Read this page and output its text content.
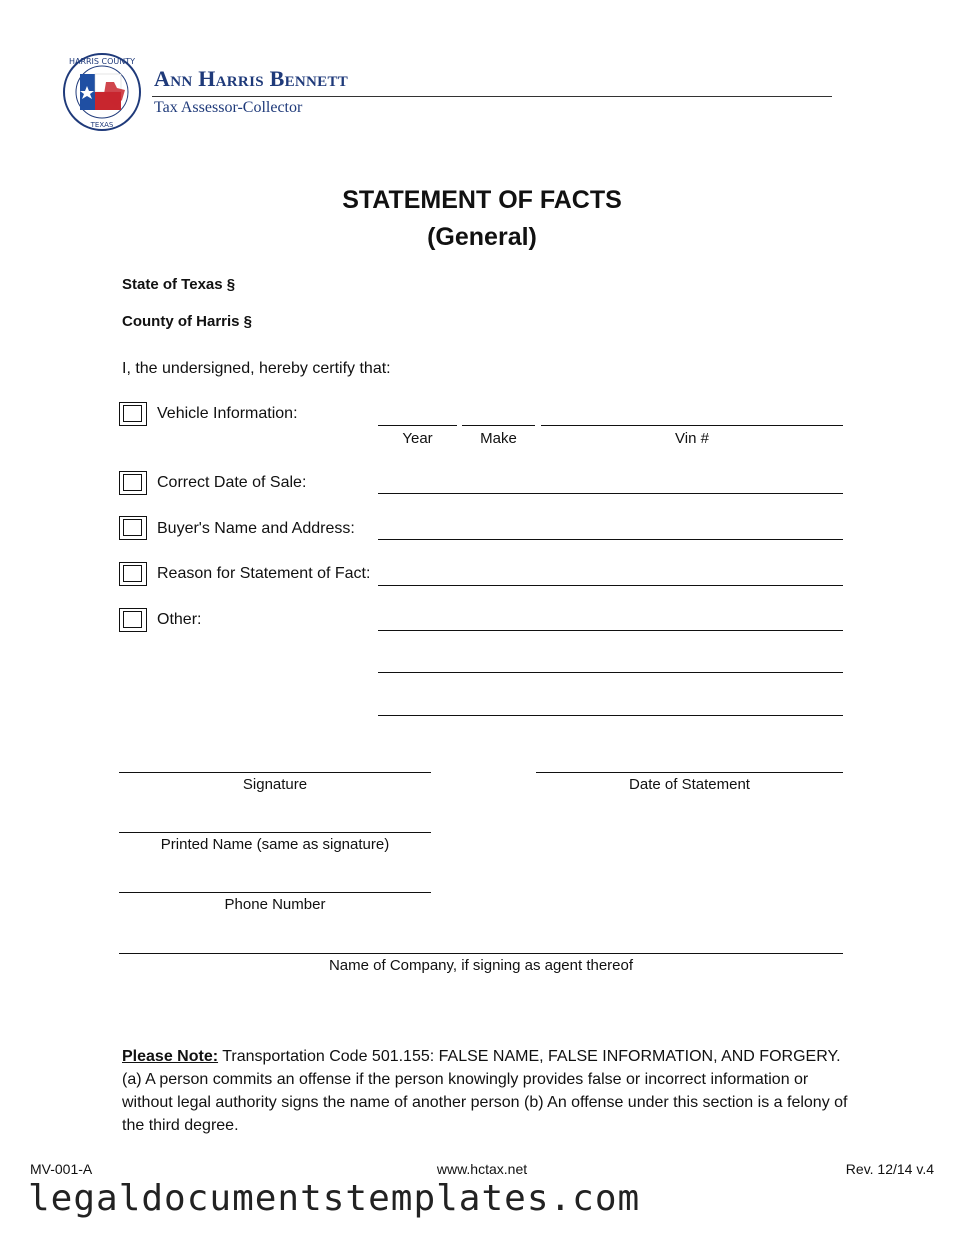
HARRIS COUNTY
TEXAS
Ann Harris Bennett
Tax Assessor-Collector
STATEMENT OF FACTS
(General)
State of Texas §
County of Harris §
I, the undersigned, hereby certify that:
Vehicle Information:
Year	Make	Vin #
Correct Date of Sale:
Buyer's Name and Address:
Reason for Statement of Fact:
Other:
Signature	Date of Statement
Printed Name (same as signature)
Phone Number
Name of Company, if signing as agent thereof
Please Note: Transportation Code 501.155: FALSE NAME, FALSE INFORMATION, AND FORGERY. (a) A person commits an offense if the person knowingly provides false or incorrect information or without legal authority signs the name of another person (b) An offense under this section is a felony of the third degree.
MV-001-A	www.hctax.net	Rev. 12/14 v.4
legaldocumentstemplates.com
